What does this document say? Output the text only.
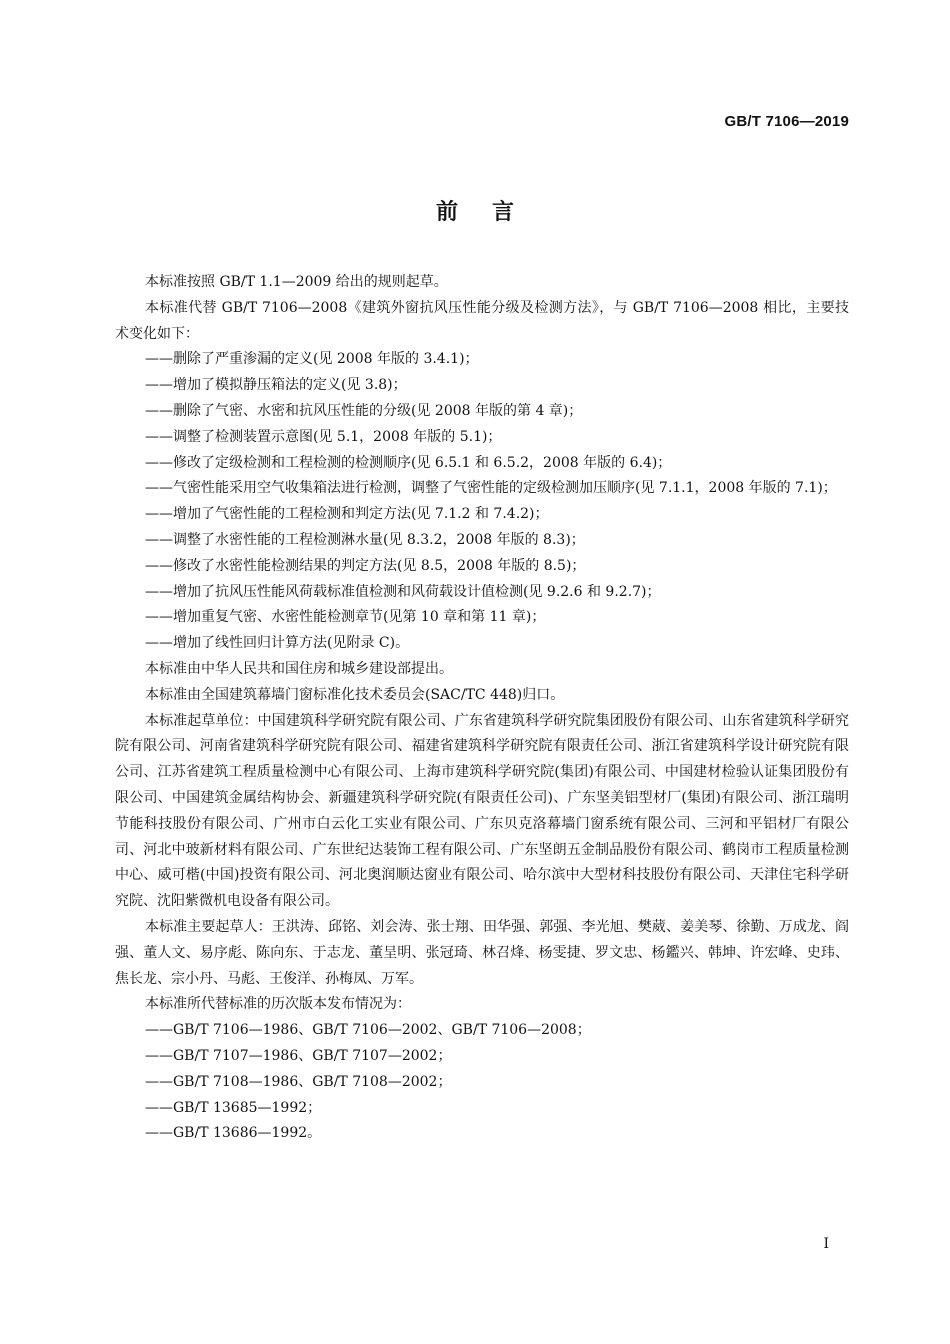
GB/T 7106—2019
前言
本标准按照 GB/T 1.1—2009 给出的规则起草。
本标准代替 GB/T 7106—2008《建筑外窗抗风压性能分级及检测方法》，与 GB/T 7106—2008 相比，主要技术变化如下：
——删除了严重渗漏的定义(见 2008 年版的 3.4.1)；
——增加了模拟静压箱法的定义(见 3.8)；
——删除了气密、水密和抗风压性能的分级(见 2008 年版的第 4 章)；
——调整了检测装置示意图(见 5.1，2008 年版的 5.1)；
——修改了定级检测和工程检测的检测顺序(见 6.5.1 和 6.5.2，2008 年版的 6.4)；
——气密性能采用空气收集箱法进行检测，调整了气密性能的定级检测加压顺序(见 7.1.1，2008 年版的 7.1)；
——增加了气密性能的工程检测和判定方法(见 7.1.2 和 7.4.2)；
——调整了水密性能的工程检测淋水量(见 8.3.2，2008 年版的 8.3)；
——修改了水密性能检测结果的判定方法(见 8.5，2008 年版的 8.5)；
——增加了抗风压性能风荷载标准值检测和风荷载设计值检测(见 9.2.6 和 9.2.7)；
——增加重复气密、水密性能检测章节(见第 10 章和第 11 章)；
——增加了线性回归计算方法(见附录 C)。
本标准由中华人民共和国住房和城乡建设部提出。
本标准由全国建筑幕墙门窗标准化技术委员会(SAC/TC 448)归口。
本标准起草单位：中国建筑科学研究院有限公司、广东省建筑科学研究院集团股份有限公司、山东省建筑科学研究院有限公司、河南省建筑科学研究院有限公司、福建省建筑科学研究院有限责任公司、浙江省建筑科学设计研究院有限公司、江苏省建筑工程质量检测中心有限公司、上海市建筑科学研究院(集团)有限公司、中国建材检验认证集团股份有限公司、中国建筑金属结构协会、新疆建筑科学研究院(有限责任公司)、广东坚美铝型材厂(集团)有限公司、浙江瑞明节能科技股份有限公司、广州市白云化工实业有限公司、广东贝克洛幕墙门窗系统有限公司、三河和平铝材厂有限公司、河北中玻新材料有限公司、广东世纪达装饰工程有限公司、广东坚朗五金制品股份有限公司、鹤岗市工程质量检测中心、威可楷(中国)投资有限公司、河北奥润顺达窗业有限公司、哈尔滨中大型材科技股份有限公司、天津住宅科学研究院、沈阳紫微机电设备有限公司。
本标准主要起草人：王洪涛、邱铭、刘会涛、张士翔、田华强、郭强、李光旭、樊葳、姜美琴、徐勤、万成龙、阎强、董人文、易序彪、陈向东、于志龙、董呈明、张冠琦、林召烽、杨雯捷、罗文忠、杨鑑兴、韩坤、许宏峰、史玮、焦长龙、宗小丹、马彪、王俊洋、孙梅凤、万军。
本标准所代替标准的历次版本发布情况为：
——GB/T 7106—1986、GB/T 7106—2002、GB/T 7106—2008；
——GB/T 7107—1986、GB/T 7107—2002；
——GB/T 7108—1986、GB/T 7108—2002；
——GB/T 13685—1992；
——GB/T 13686—1992。
I
